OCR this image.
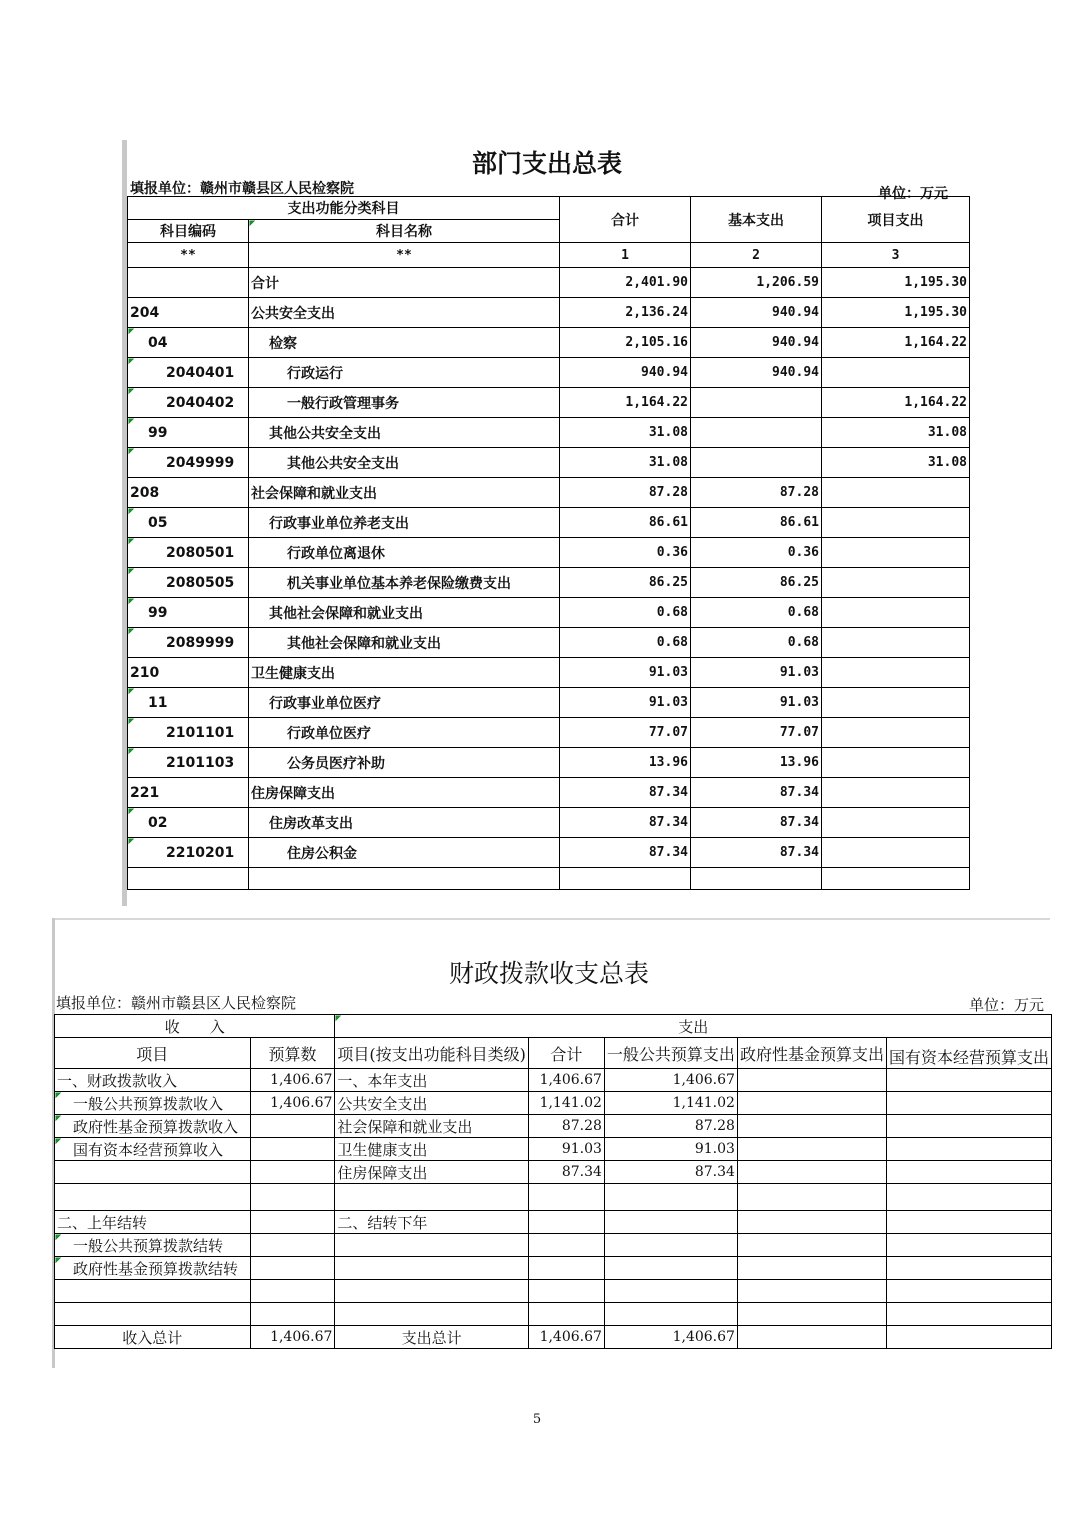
部门支出总表
填报单位：赣州市赣县区人民检察院	单位：万元
支出功能分类科目		合计	基本支出	项目支出
科目编码	科目名称			
**	**	1	2	3
	合计	2,401.90	1,206.59	1,195.30
204	公共安全支出	2,136.24	940.94	1,195.30
04	检察	2,105.16	940.94	1,164.22
2040401	行政运行	940.94	940.94	
2040402	一般行政管理事务	1,164.22		1,164.22
99	其他公共安全支出	31.08		31.08
2049999	其他公共安全支出	31.08		31.08
208	社会保障和就业支出	87.28	87.28	
05	行政事业单位养老支出	86.61	86.61	
2080501	行政单位离退休	0.36	0.36	
2080505	机关事业单位基本养老保险缴费支出	86.25	86.25	
99	其他社会保障和就业支出	0.68	0.68	
2089999	其他社会保障和就业支出	0.68	0.68	
210	卫生健康支出	91.03	91.03	
11	行政事业单位医疗	91.03	91.03	
2101101	行政单位医疗	77.07	77.07	
2101103	公务员医疗补助	13.96	13.96	
221	住房保障支出	87.34	87.34	
02	住房改革支出	87.34	87.34	
2210201	住房公积金	87.34	87.34	

财政拨款收支总表
填报单位：赣州市赣县区人民检察院	单位：万元
收　　入		支出				
项目	预算数	项目(按支出功能科目类级)	合计	一般公共预算支出	政府性基金预算支出	国有资本经营预算支出
一、财政拨款收入	1,406.67	一、本年支出	1,406.67	1,406.67		
一般公共预算拨款收入	1,406.67	公共安全支出	1,141.02	1,141.02		
政府性基金预算拨款收入		社会保障和就业支出	87.28	87.28		
国有资本经营预算收入		卫生健康支出	91.03	91.03		
		住房保障支出	87.34	87.34		

二、上年结转		二、结转下年				
一般公共预算拨款结转						
政府性基金预算拨款结转						

收入总计	1,406.67	支出总计	1,406.67	1,406.67		
5
